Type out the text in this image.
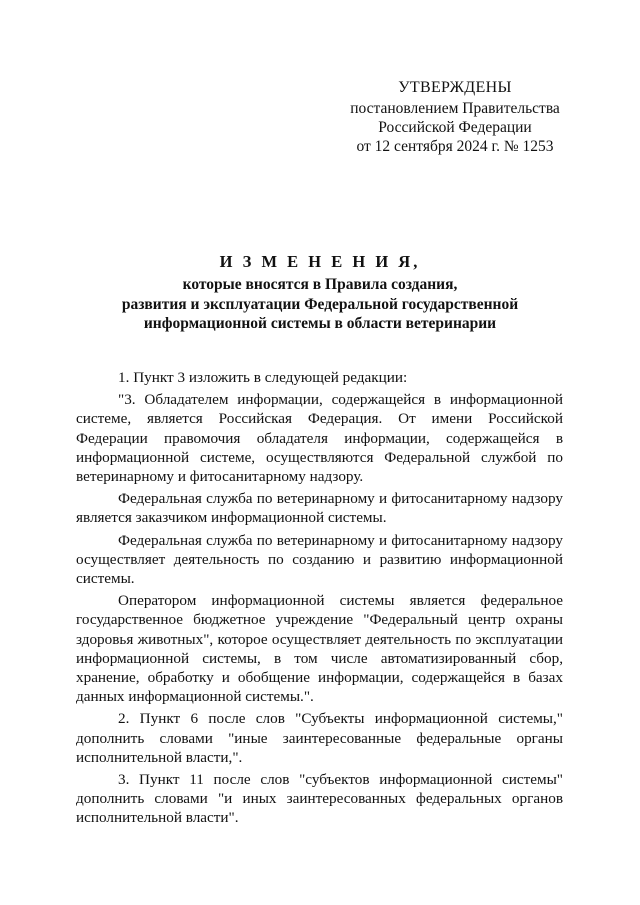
УТВЕРЖДЕНЫ
постановлением Правительства
Российской Федерации
от 12 сентября 2024 г. № 1253
И З М Е Н Е Н И Я,
которые вносятся в Правила создания,
развития и эксплуатации Федеральной государственной
информационной системы в области ветеринарии

1. Пункт 3 изложить в следующей редакции:

"3. Обладателем информации, содержащейся в информационной системе, является Российская Федерация. От имени Российской Федерации правомочия обладателя информации, содержащейся в информационной системе, осуществляются Федеральной службой по ветеринарному и фитосанитарному надзору.

Федеральная служба по ветеринарному и фитосанитарному надзору является заказчиком информационной системы.

Федеральная служба по ветеринарному и фитосанитарному надзору осуществляет деятельность по созданию и развитию информационной системы.

Оператором информационной системы является федеральное государственное бюджетное учреждение "Федеральный центр охраны здоровья животных", которое осуществляет деятельность по эксплуатации информационной системы, в том числе автоматизированный сбор, хранение, обработку и обобщение информации, содержащейся в базах данных информационной системы.".

2. Пункт 6 после слов "Субъекты информационной системы," дополнить словами "иные заинтересованные федеральные органы исполнительной власти,".

3. Пункт 11 после слов "субъектов информационной системы" дополнить словами "и иных заинтересованных федеральных органов исполнительной власти".
